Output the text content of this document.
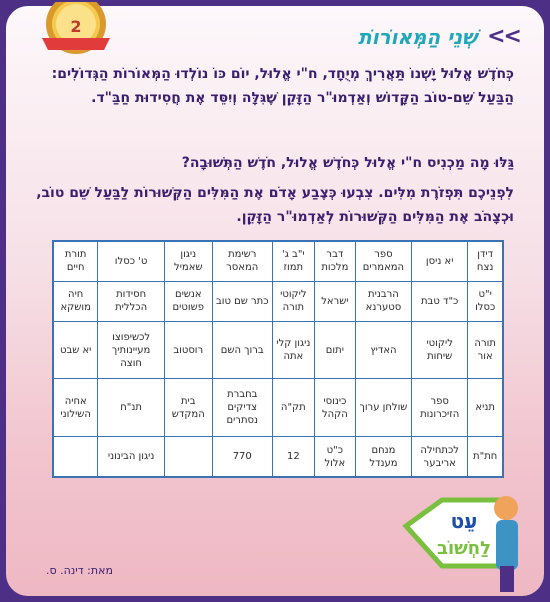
2	>>
שְׁנֵי הַמְּאוֹרוֹת

כְּחֹדֶשׁ אֱלוּל יָשְׁנוֹ תַּאֲרִיךְ מְיֻחָד, ח"י אֱלוּל, יוֹם כּוֹ נוֹלְדוּ הַמְּאוֹרוֹת הַגְּדוֹלִים: הַבַּעַל שֵׁם-טוֹב הַקָּדוֹשׁ וְאַדְמוּ"ר הַזָּקֵן שֶׁגִּלָּה וְיִסֵּד אֶת חֲסִידוּת חַבַּ"ד.

גַּלּוּ מָה מַכְנִיס ח"י אֱלוּל כְּחֹדֶשׁ אֱלוּל, חֹדֶשׁ הַתְּשׁוּבָה?

לִפְנֵיכֶם תִּפְזֹרֶת מִלִּים. צִבְעוּ כְּצֶבַע אָדֹם אֶת הַמִּלִּים הַקְּשׁוּרוֹת לַבַּעַל שֵׁם טוֹב, וּכְצָהֹב אֶת הַמִּלִּים הַקְּשׁוּרוֹת לְאַדְמוּ"ר הַזָּקֵן.

דידן נצח	יא ניסן	ספר המאמרים	דבר מלכות	י"ב ג' תמוז	רשימת המאסר	ניגון שאמיל	ט' כסלו	תורת חיים
י"ט כסלו	כ"ד טבת	הרבנית סטערנא	ישראל	ליקוטי תורה	כתר שם טוב	אנשים פשוטים	חסידות הכללית	חיה מושקא
תורה אור	ליקוטי שיחות	האדיץ	יתום	ניגון קלי אתה	ברוך השם	רוסטוב	לכשיפוצו מעיינותיך חוצה	יא שבט
תניא	ספר הזיכרונות	שולחן ערוך	כינוסי הקהל	תק"ה	בחברת צדיקים נסתרים	בית המקדש	תנ"ח	אחיה השילוני
חת"ת	לכתחילה אריבער	מנחם מענדל	כ"ט אלול	12	770		ניגון הבינוני	
עֵט
לַחְשׁוֹב
מאת: דינה. ס.
